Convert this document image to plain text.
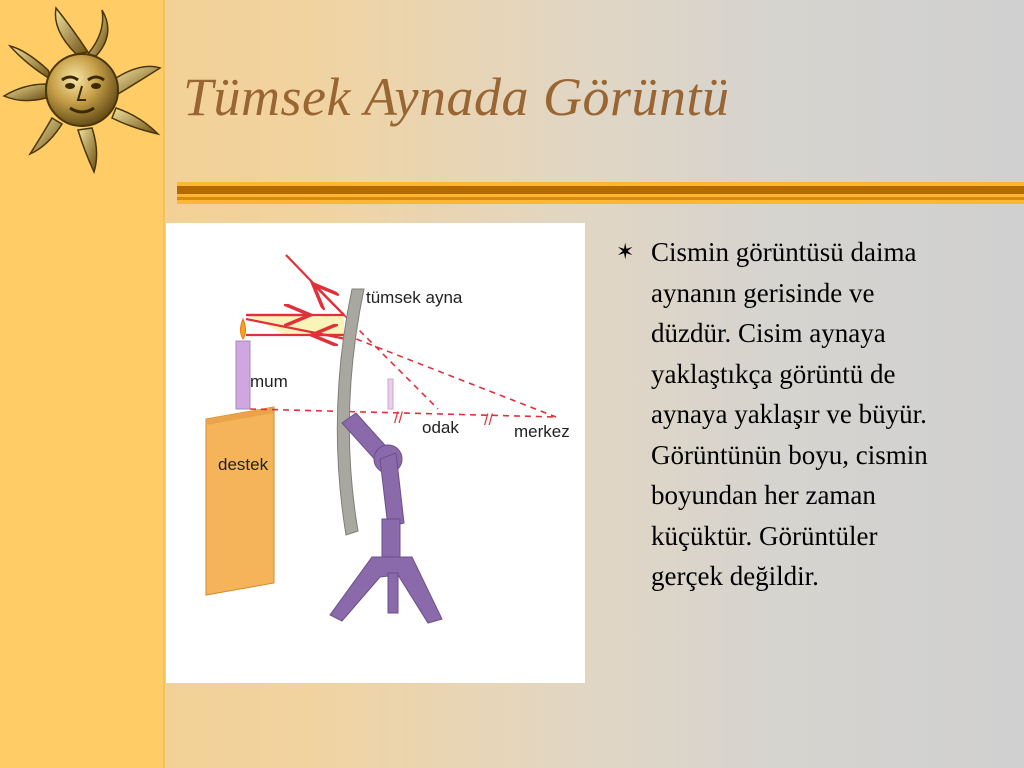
Tümsek Aynada Görüntü
destek
mum
tümsek ayna
//	//
odak	merkez
✶ Cismin görüntüsü daima
aynanın gerisinde ve
düzdür. Cisim aynaya
yaklaştıkça görüntü de
aynaya yaklaşır ve büyür.
Görüntünün boyu, cismin
boyundan her zaman
küçüktür. Görüntüler
gerçek değildir.
